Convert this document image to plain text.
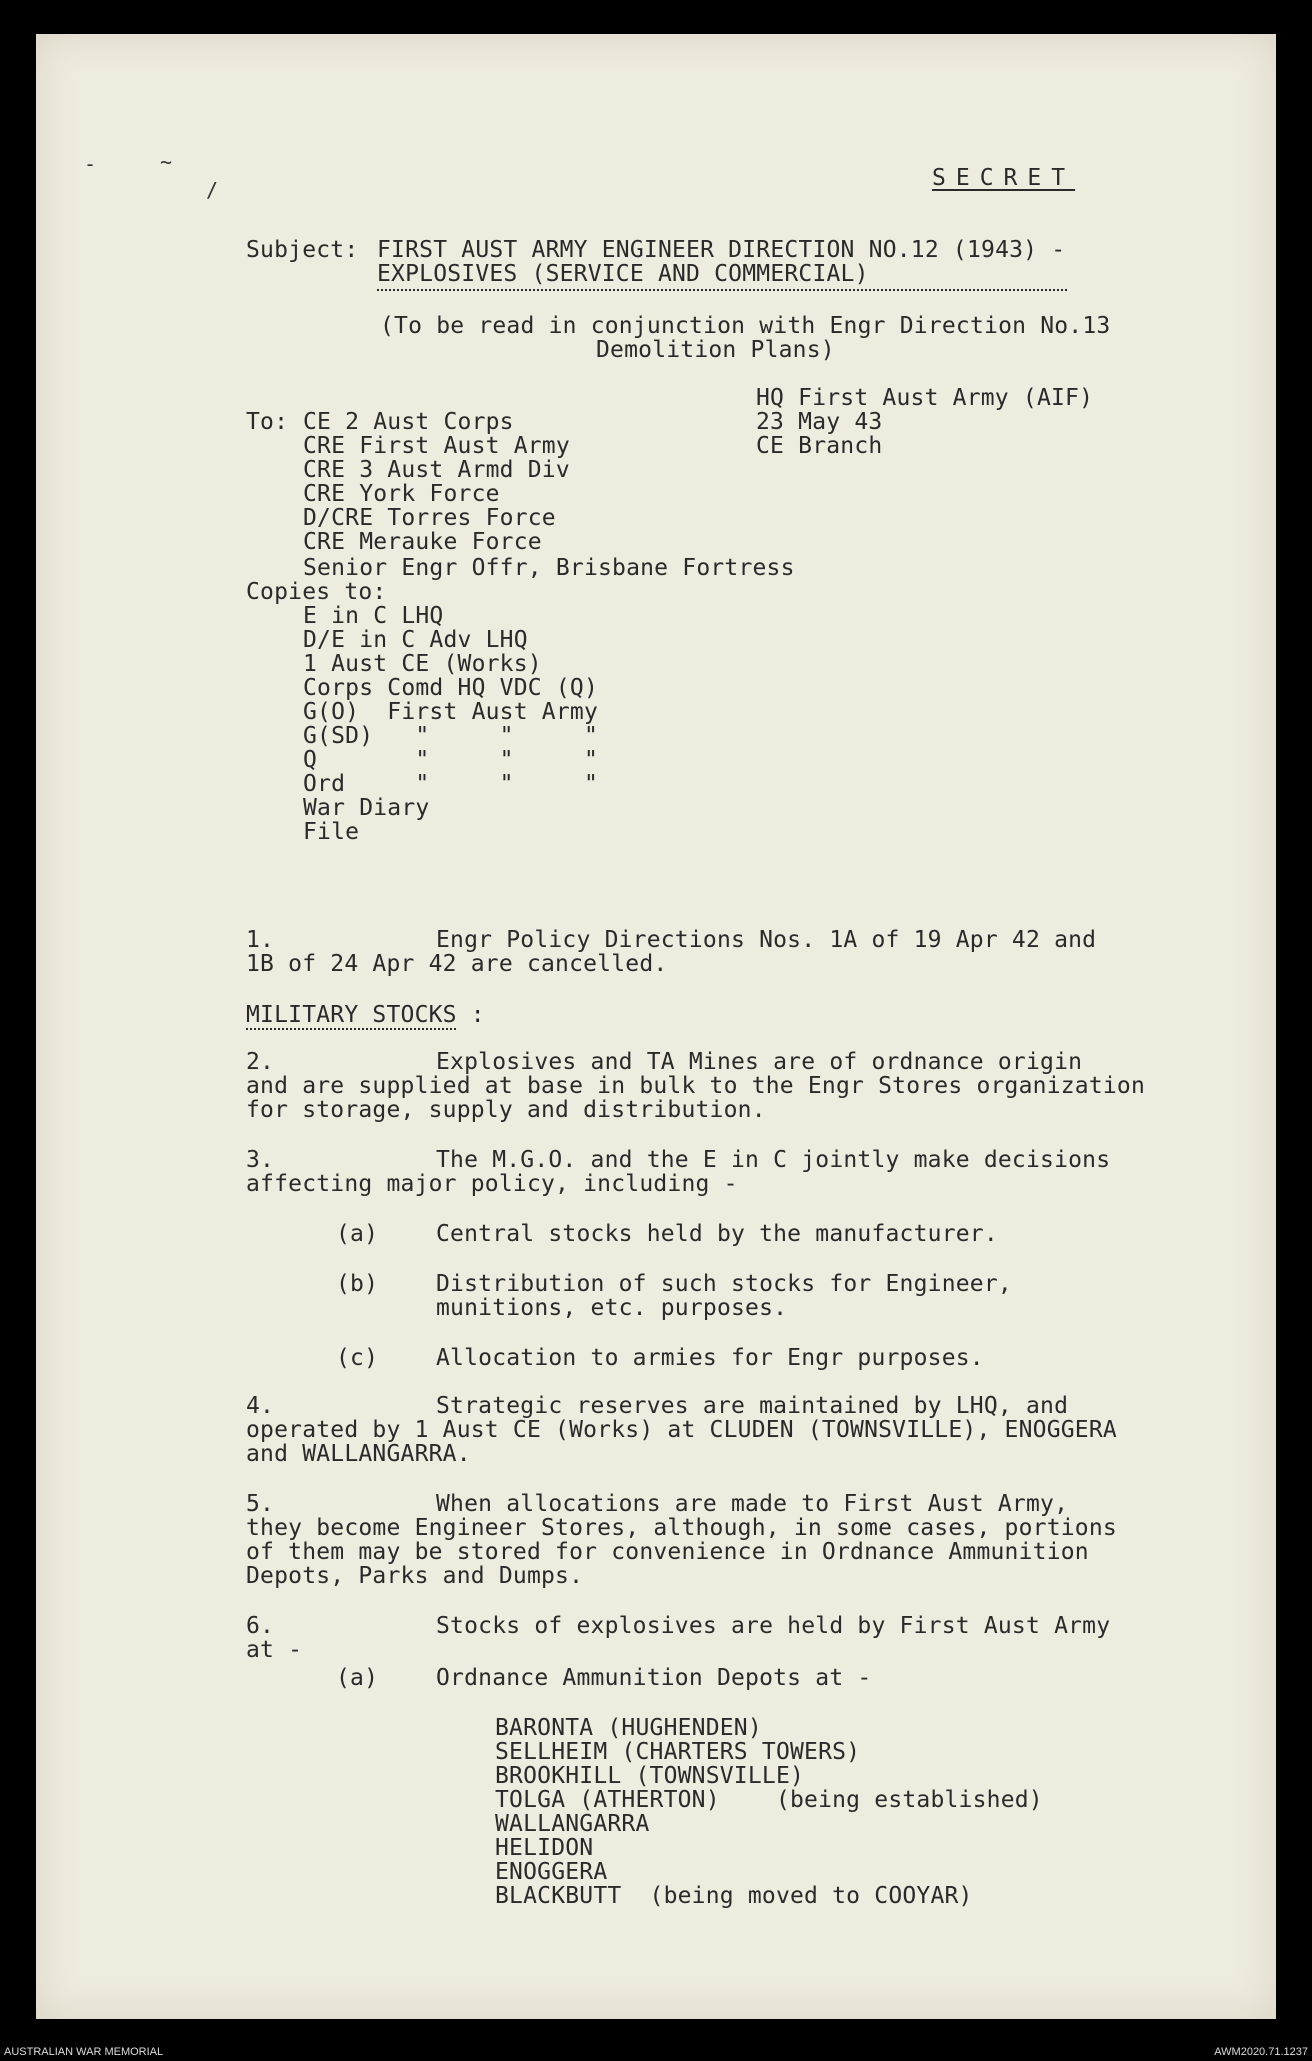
-	~
/	SECRET
Subject: FIRST AUST ARMY ENGINEER DIRECTION NO.12 (1943) -
EXPLOSIVES (SERVICE AND COMMERCIAL)
(To be read in conjunction with Engr Direction No.13
Demolition Plans)
HQ First Aust Army (AIF)
23 May 43
CE Branch
To: CE 2 Aust Corps
CRE First Aust Army
CRE 3 Aust Armd Div
CRE York Force
D/CRE Torres Force
CRE Merauke Force
Senior Engr Offr, Brisbane Fortress
Copies to:
E in C LHQ
D/E in C Adv LHQ
1 Aust CE (Works)
Corps Comd HQ VDC (Q)
G(O)  First Aust Army
G(SD)   "     "     "
Q       "     "     "
Ord     "     "     "
War Diary
File
1.	Engr Policy Directions Nos. 1A of 19 Apr 42 and
1B of 24 Apr 42 are cancelled.
MILITARY STOCKS :
2.	Explosives and TA Mines are of ordnance origin
and are supplied at base in bulk to the Engr Stores organization
for storage, supply and distribution.
3.	The M.G.O. and the E in C jointly make decisions
affecting major policy, including -
(a)	Central stocks held by the manufacturer.
(b)	Distribution of such stocks for Engineer,
munitions, etc. purposes.
(c)	Allocation to armies for Engr purposes.
4.	Strategic reserves are maintained by LHQ, and
operated by 1 Aust CE (Works) at CLUDEN (TOWNSVILLE), ENOGGERA
and WALLANGARRA.
5.	When allocations are made to First Aust Army,
they become Engineer Stores, although, in some cases, portions
of them may be stored for convenience in Ordnance Ammunition
Depots, Parks and Dumps.
6.	Stocks of explosives are held by First Aust Army
at -
(a)	Ordnance Ammunition Depots at -
BARONTA (HUGHENDEN)
SELLHEIM (CHARTERS TOWERS)
BROOKHILL (TOWNSVILLE)
TOLGA (ATHERTON)    (being established)
WALLANGARRA
HELIDON
ENOGGERA
BLACKBUTT  (being moved to COOYAR)
AUSTRALIAN WAR MEMORIAL	AWM2020.71.1237
